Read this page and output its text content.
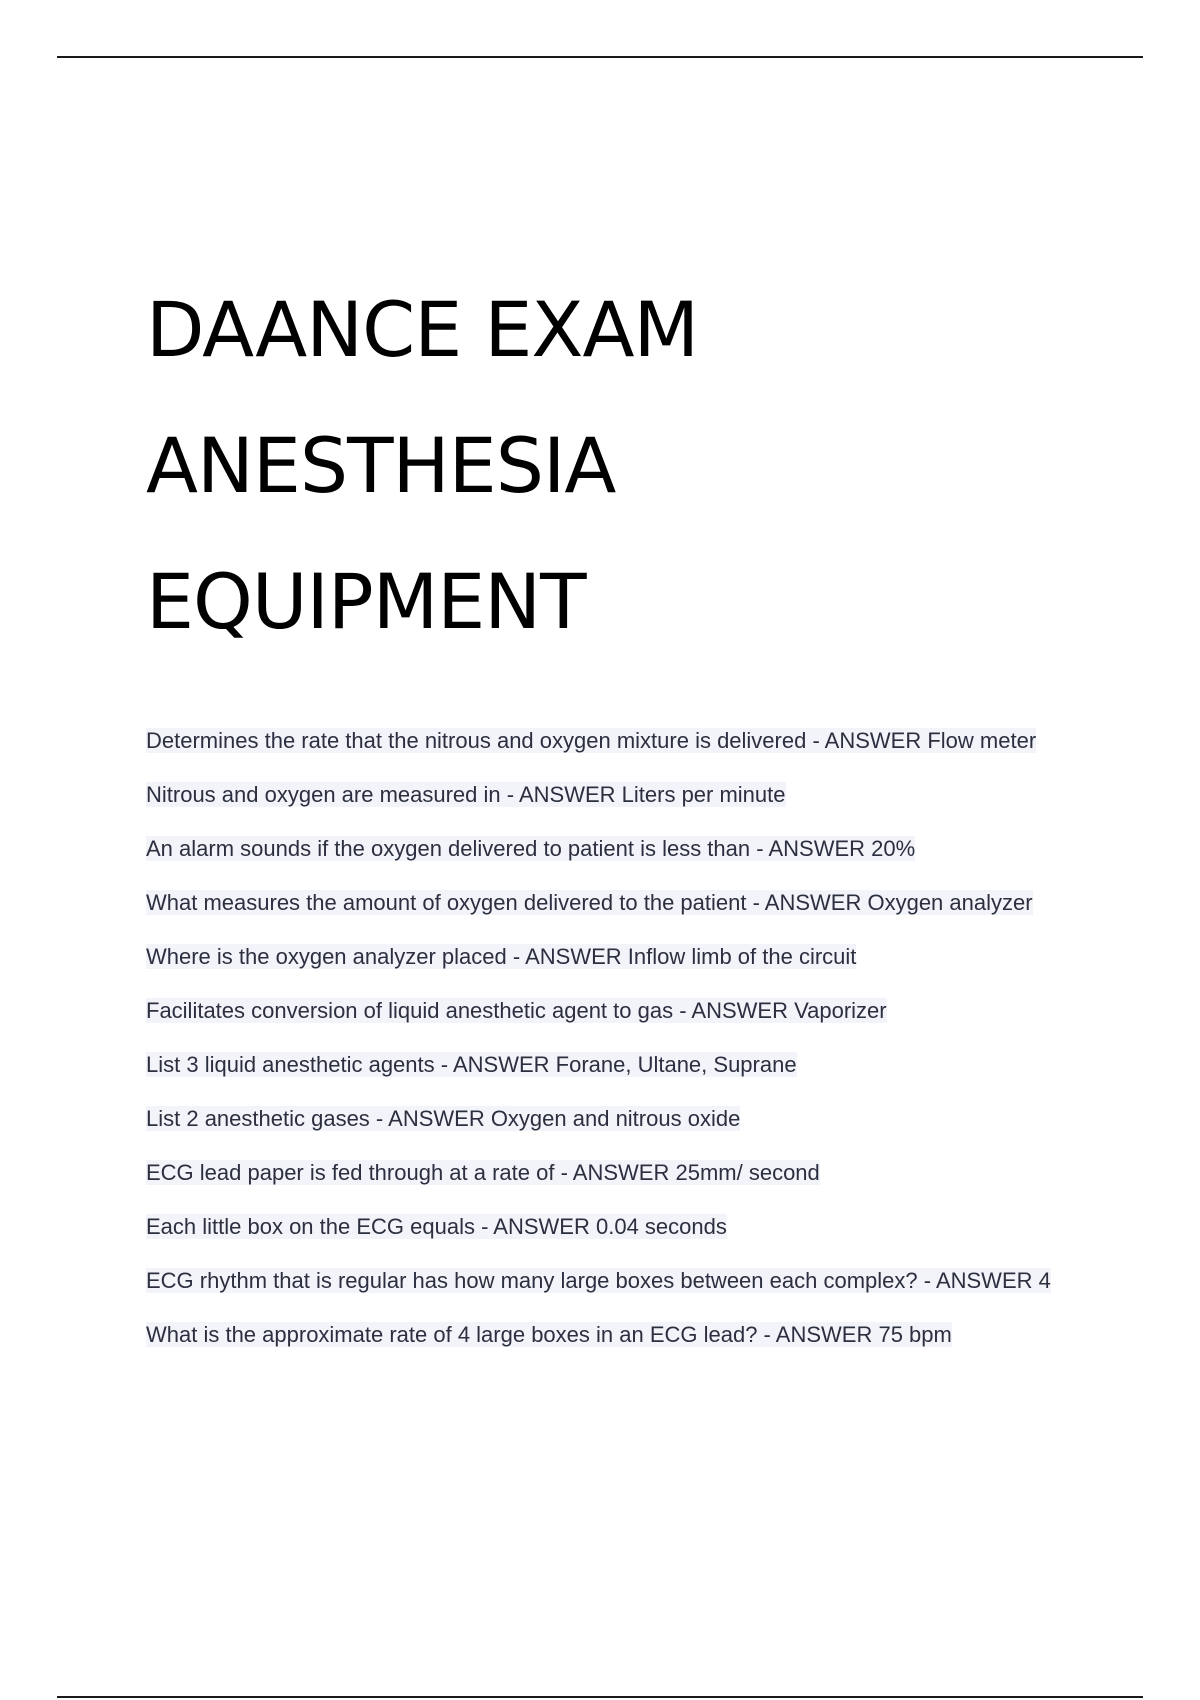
DAANCE EXAM
ANESTHESIA
EQUIPMENT
Determines the rate that the nitrous and oxygen mixture is delivered - ANSWER Flow meter
Nitrous and oxygen are measured in - ANSWER Liters per minute
An alarm sounds if the oxygen delivered to patient is less than - ANSWER 20%
What measures the amount of oxygen delivered to the patient - ANSWER Oxygen analyzer
Where is the oxygen analyzer placed - ANSWER Inflow limb of the circuit
Facilitates conversion of liquid anesthetic agent to gas - ANSWER Vaporizer
List 3 liquid anesthetic agents - ANSWER Forane, Ultane, Suprane
List 2 anesthetic gases - ANSWER Oxygen and nitrous oxide
ECG lead paper is fed through at a rate of - ANSWER 25mm/ second
Each little box on the ECG equals - ANSWER 0.04 seconds
ECG rhythm that is regular has how many large boxes between each complex? - ANSWER 4
What is the approximate rate of 4 large boxes in an ECG lead? - ANSWER 75 bpm
